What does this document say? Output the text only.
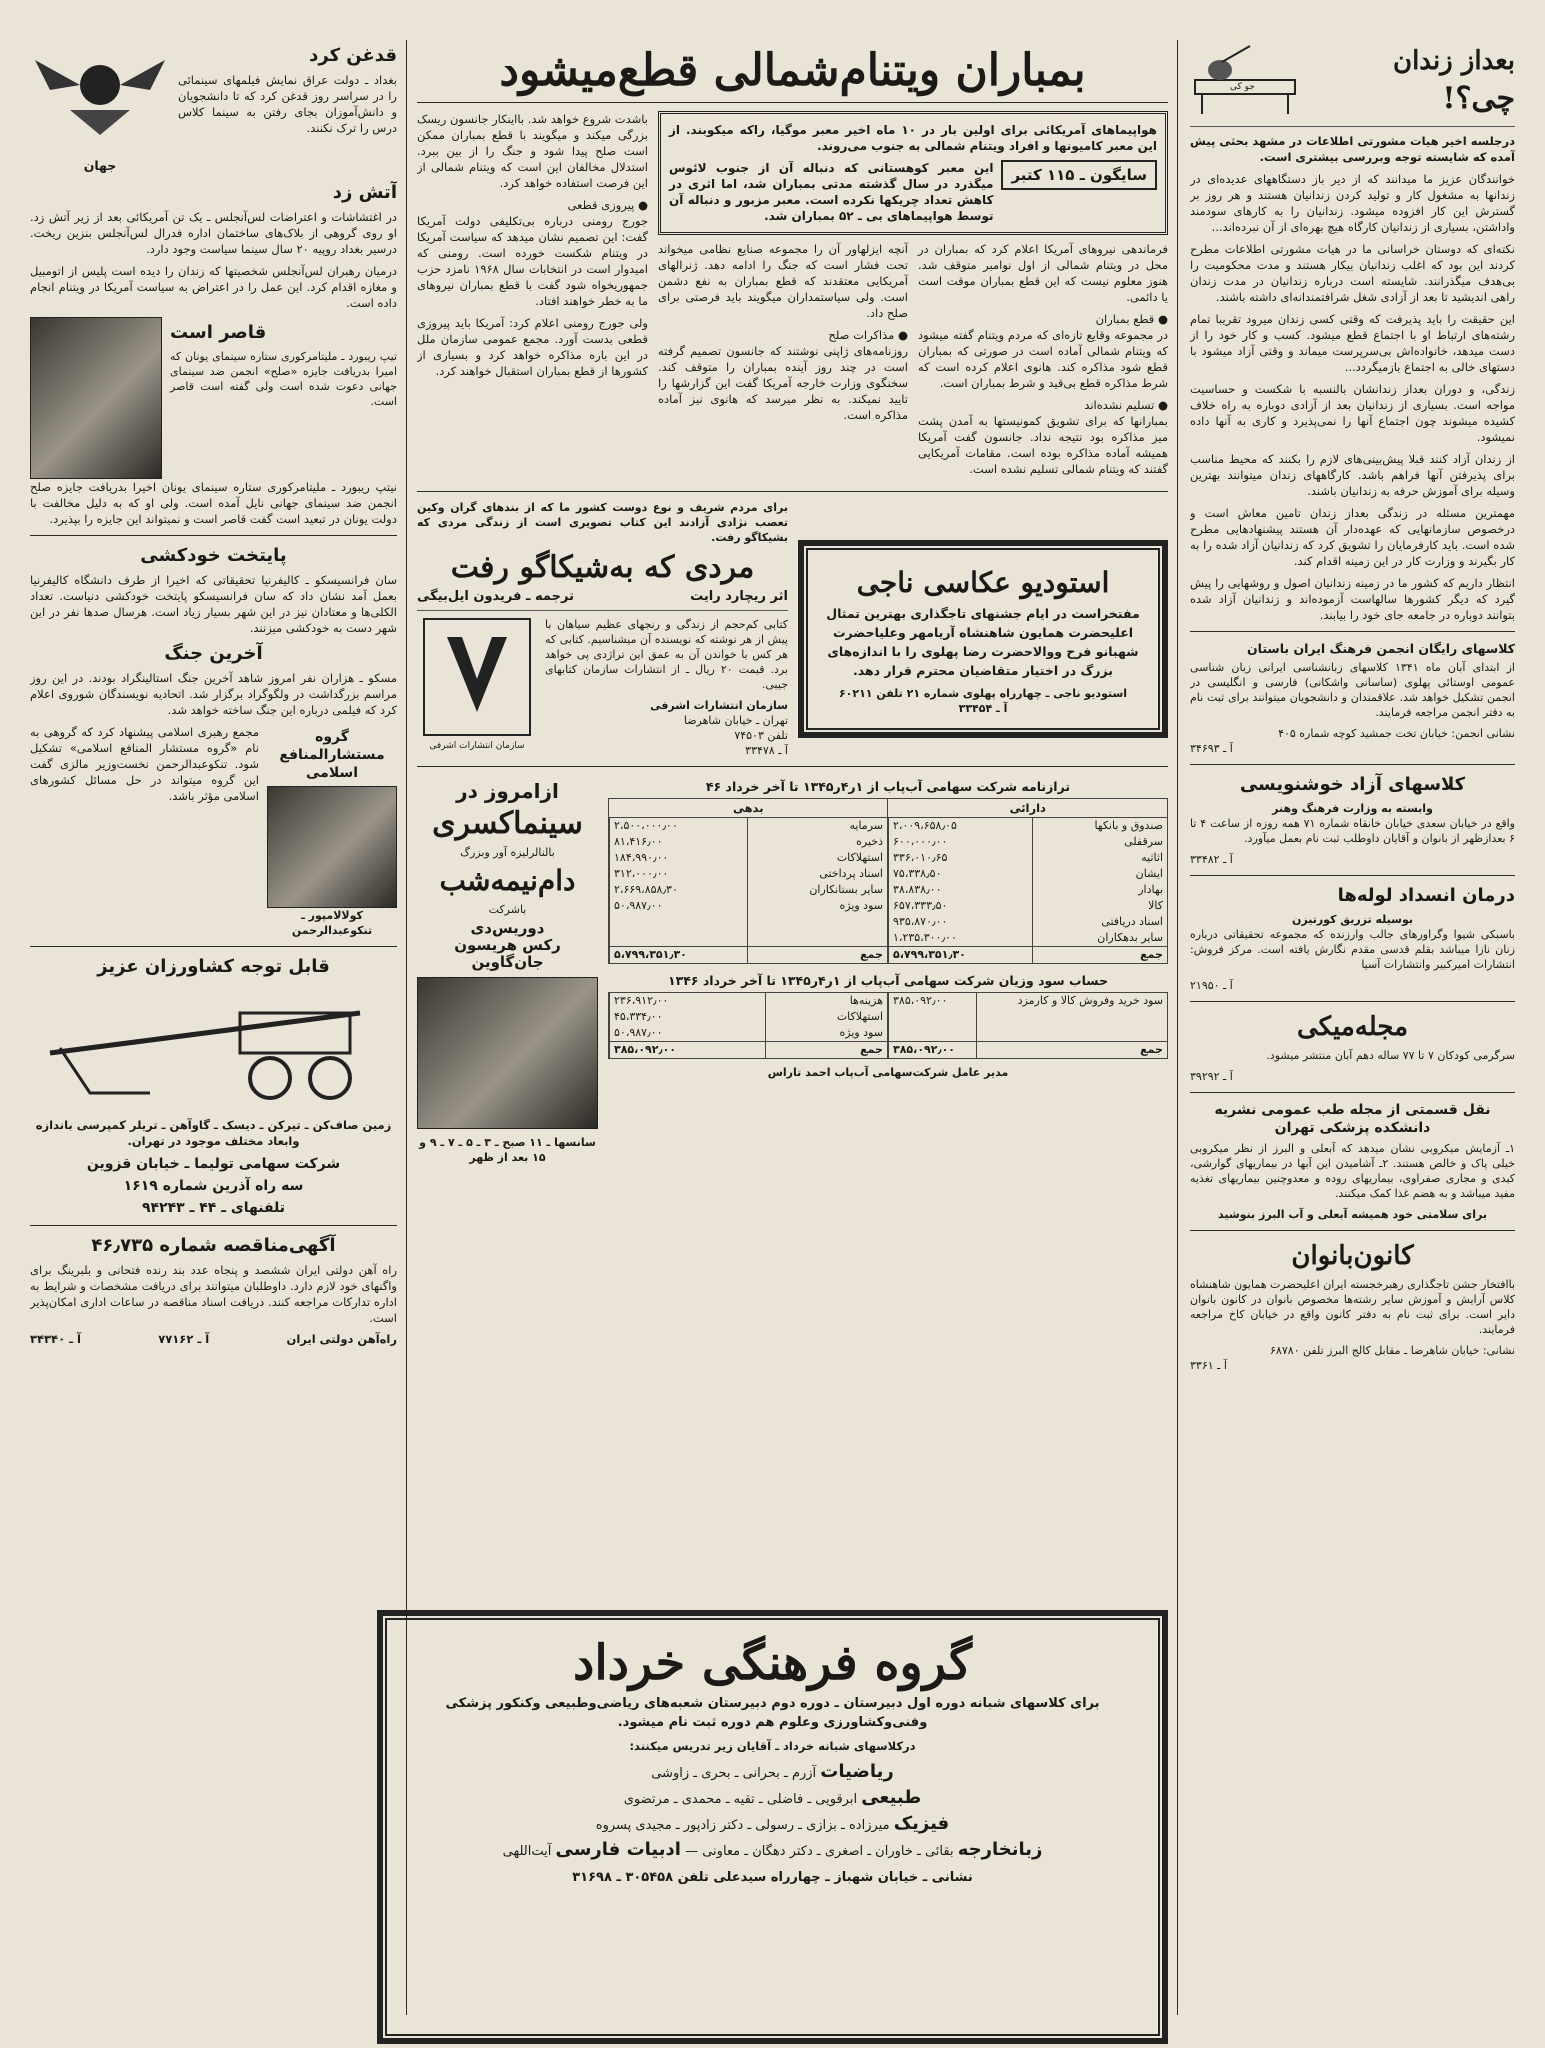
بعداز زندان
چی؟!
جو کی

درجلسه اخیر هیات مشورتی اطلاعات در مشهد بحثی پیش آمده که شایسته توجه وبررسی بیشتری است.

خوانندگان عزیز ما میدانند که از دیر باز دستگاههای عدیده‌ای در زندانها به مشغول کار و تولید کردن زندانیان هستند و هر روز بر گسترش این کار افزوده میشود. زندانیان را به کارهای سودمند واداشتن، بسیاری از زندانیان کارگاه هیچ بهره‌ای از آن نبرده‌اند...

نکته‌ای که دوستان خراسانی ما در هیات مشورتی اطلاعات مطرح کردند این بود که اغلب زندانیان بیکار هستند و مدت محکومیت را بی‌هدف میگذرانند. شایسته است درباره زندانیان در مدت زندان راهی اندیشید تا بعد از آزادی شغل شرافتمندانه‌ای داشته باشند.

این حقیقت را باید پذیرفت که وقتی کسی زندان میرود تقریبا تمام رشته‌های ارتباط او با اجتماع قطع میشود. کسب و کار خود را از دست میدهد، خانواده‌اش بی‌سرپرست میماند و وقتی آزاد میشود با دستهای خالی به اجتماع بازمیگردد...

زندگی، و دوران بعداز زندانشان بالنسبه با شکست و حساسیت مواجه است. بسیاری از زندانیان بعد از آزادی دوباره به راه خلاف کشیده میشوند چون اجتماع آنها را نمی‌پذیرد و کاری به آنها داده نمیشود.

از زندان آزاد کنند قبلا پیش‌بینی‌های لازم را بکنند که محیط مناسب برای پذیرفتن آنها فراهم باشد. کارگاههای زندان میتوانند بهترین وسیله برای آموزش حرفه به زندانیان باشند.

مهمترین مسئله در زندگی بعداز زندان تامین معاش است و درخصوص سازمانهایی که عهده‌دار آن هستند پیشنهادهایی مطرح شده است. باید کارفرمایان را تشویق کرد که زندانیان آزاد شده را به کار بگیرند و وزارت کار در این زمینه اقدام کند.

انتظار داریم که کشور ما در زمینه زندانیان اصول و روشهایی را پیش گیرد که دیگر کشورها سالهاست آزموده‌اند و زندانیان آزاد شده بتوانند دوباره در جامعه جای خود را بیابند.

کلاسهای رایگان انجمن فرهنگ ایران باستان

از ابتدای آبان ماه ۱۳۴۱ کلاسهای زبانشناسی ایرانی زبان شناسی عمومی اوستائی پهلوی (ساسانی واشکانی) فارسی و انگلیسی در انجمن تشکیل خواهد شد. علاقمندان و دانشجویان میتوانند برای ثبت نام به دفتر انجمن مراجعه فرمایند.

نشانی انجمن: خیابان تخت جمشید کوچه شماره ۴۰۵
آ ـ ۳۴۶۹۳
کلاسهای آزاد خوشنویسی
وابسته به وزارت فرهنگ وهنر

واقع در خیابان سعدی خیابان خانقاه شماره ۷۱ همه روزه از ساعت ۴ تا ۶ بعدازظهر از بانوان و آقایان داوطلب ثبت نام بعمل میآورد.

آ ـ ۳۳۴۸۲
درمان انسداد لوله‌ها
بوسیله تزریق کورتیزن

باسبکی شیوا وگراورهای جالب وارزنده که مجموعه تحقیقاتی درباره زنان نازا میباشد بقلم قدسی مقدم نگارش یافته است. مرکز فروش: انتشارات امیرکبیر وانتشارات آسیا

آ ـ ۲۱۹۵۰
مجله‌میکی

سرگرمی کودکان ۷ تا ۷۷ ساله دهم آبان منتشر میشود.

آ ـ ۳۹۲۹۲
نقل قسمتی از مجله طب عمومی نشریه دانشکده پزشکی تهران

۱ـ آزمایش میکروبی نشان میدهد که آبعلی و البرز از نظر میکروبی خیلی پاک و خالص هستند. ۲ـ آشامیدن این آبها در بیماریهای گوارشی، کبدی و مجاری صفراوی، بیماریهای روده و معدوچنین بیماریهای تغذیه مفید میباشد و به هضم غذا کمک میکنند.

برای سلامتی خود همیشه آبعلی و آب البرز بنوشید
کانون‌بانوان

باافتخار جشن تاجگذاری رهبرخجسته ایران اعلیحضرت همایون شاهنشاه کلاس آرایش و آموزش سایر رشته‌ها مخصوص بانوان در کانون بانوان دایر است. برای ثبت نام به دفتر کانون واقع در خیابان کاخ مراجعه فرمایند.

نشانی: خیابان شاهرضا ـ مقابل کالج البرز تلفن ۶۸۷۸۰
آ ـ ۳۳۶۱
بمباران ویتنام‌شمالی قطع‌میشود

هواپیماهای آمریکائی برای اولین بار در ۱۰ ماه اخیر معبر موگیا، راکه میکوبند. از این معبر کامیونها و افراد ویتنام شمالی به جنوب می‌روند.

سایگون ـ ۱۱۵ کتبر

این معبر کوهستانی که دنباله آن از جنوب لائوس میگذرد در سال گذشته مدتی بمباران شد، اما اثری در کاهش تعداد چریکها نکرده است. معبر مزبور و دنباله آن توسط هواپیماهای بی ـ ۵۲ بمباران شد.

فرماندهی نیروهای آمریکا اعلام کرد که بمباران در محل در ویتنام شمالی از اول نوامبر متوقف شد. هنوز معلوم نیست که این قطع بمباران موقت است یا دائمی.

● قطع بمباران
در مجموعه وقایع تازه‌ای که مردم ویتنام گفته میشود که ویتنام شمالی آماده است در صورتی که بمباران قطع شود مذاکره کند. هانوی اعلام کرده است که شرط مذاکره قطع بی‌قید و شرط بمباران است.

● تسلیم نشده‌اند
بمبارانها که برای تشویق کمونیستها به آمدن پشت میز مذاکره بود نتیجه نداد. جانسون گفت آمریکا همیشه آماده مذاکره بوده است. مقامات آمریکایی گفتند که ویتنام شمالی تسلیم نشده است.

آنچه ایزلهاور آن را مجموعه صنایع نظامی میخواند تحت فشار است که جنگ را ادامه دهد. ژنرالهای آمریکایی معتقدند که قطع بمباران به نفع دشمن است. ولی سیاستمداران میگویند باید فرصتی برای صلح داد.

● مذاکرات صلح
روزنامه‌های ژاپنی نوشتند که جانسون تصمیم گرفته است در چند روز آینده بمباران را متوقف کند. سخنگوی وزارت خارجه آمریکا گفت این گزارشها را تایید نمیکند. به نظر میرسد که هانوی نیز آماده مذاکره است.

باشدت شروع خواهد شد. بااینکار جانسون ریسک بزرگی میکند و میگویند با قطع بمباران ممکن است صلح پیدا شود و جنگ را از بین ببرد. استدلال مخالفان این است که ویتنام شمالی از این فرصت استفاده خواهد کرد.

● پیروزی قطعی
جورج رومنی درباره بی‌تکلیفی دولت آمریکا گفت: این تصمیم نشان میدهد که سیاست آمریکا در ویتنام شکست خورده است. رومنی که امیدوار است در انتخابات سال ۱۹۶۸ نامزد حزب جمهوریخواه شود گفت با قطع بمباران نیروهای ما به خطر خواهند افتاد.

ولی جورج رومنی اعلام کرد: آمریکا باید پیروزی قطعی بدست آورد. مجمع عمومی سازمان ملل در این باره مذاکره خواهد کرد و بسیاری از کشورها از قطع بمباران استقبال خواهند کرد.

استودیو عکاسی ناجی

مفتخراست در ایام جشنهای تاجگذاری بهترین تمثال اعلیحضرت همایون شاهنشاه آریامهر وعلیاحضرت شهبانو فرح ووالاحضرت رضا پهلوی را با اندازه‌های بزرگ در اختیار متقاضیان محترم قرار دهد.

استودیو ناجی ـ چهارراه پهلوی شماره ۲۱ تلفن ۶۰۲۱۱
آ ـ ۳۳۴۵۴

برای مردم شریف و نوع دوست کشور ما که از بندهای گران وکین تعصب نژادی آزادند این کتاب تصویری است از زندگی مردی که بشیکاگو رفت.

مردی که به‌شیکاگو رفت
اثر ریچارد رایت
ترجمه ـ فریدون ایل‌بیگی

کتابی کم‌حجم از زندگی و رنجهای عظیم سیاهان با پیش از هر نوشته که نویسنده آن میشناسیم. کتابی که هر کس با خواندن آن به عمق این تراژدی پی خواهد برد. قیمت ۲۰ ریال ـ از انتشارات سازمان کتابهای جیبی.

سازمان انتشارات اشرفی
تهران ـ خیابان شاهرضا
تلفن ۷۴۵۰۳
آ ـ ۳۳۴۷۸
سازمان انتشارات اشرفی
ترازنامه شرکت سهامی آب‌پاب از ۱ر۴ر۱۳۴۵ تا آخر خرداد ۴۶
دارائی	
صندوق و بانکها	۲،۰۰۹،۶۵۸٫۰۵
سرقفلی	۶۰۰،۰۰۰٫۰۰
اثاثیه	۳۳۶،۰۱۰٫۶۵
ایشان	۷۵،۳۳۸٫۵۰
بهادار	۳۸،۸۳۸٫۰۰
کالا	۶۵۷،۳۳۳٫۵۰
اسناد دریافتی	۹۳۵،۸۷۰٫۰۰
سایر بدهکاران	۱،۲۳۵،۳۰۰٫۰۰
جمع	۵،۷۹۹،۳۵۱٫۳۰
بدهی	
سرمایه	۲،۵۰۰،۰۰۰٫۰۰
ذخیره	۸۱،۴۱۶٫۰۰
استهلاکات	۱۸۴،۹۹۰٫۰۰
اسناد پرداختی	۳۱۲،۰۰۰٫۰۰
سایر بستانکاران	۲،۶۶۹،۸۵۸٫۳۰
سود ویژه	۵۰،۹۸۷٫۰۰

جمع	۵،۷۹۹،۳۵۱٫۳۰
حساب سود وزیان شرکت سهامی آب‌پاب از ۱ر۴ر۱۳۴۵ تا آخر خرداد ۱۳۴۶
سود خرید وفروش کالا و کارمزد	۳۸۵،۰۹۲٫۰۰

جمع	۳۸۵،۰۹۲٫۰۰
هزینه‌ها	۲۳۶،۹۱۲٫۰۰
استهلاکات	۴۵،۳۳۴٫۰۰
سود ویژه	۵۰،۹۸۷٫۰۰
جمع	۳۸۵،۰۹۲٫۰۰
مدیر عامل شرکت‌سهامی آب‌پاب احمد تاراس
ازامروز در
سینماکسری
بالنالرلیزه آور وبزرگ
دام‌نیمه‌شب
باشرکت
دوریس‌دی
رکس هریسون
جان‌گاوین
سانسها ـ ۱۱ صبح ـ ۳ ـ ۵ ـ ۷ ـ ۹ و ۱۵ بعد از ظهر
قدغن کرد

بغداد ـ دولت عراق نمایش فیلمهای سینمائی را در سراسر روز قدغن کرد که تا دانشجویان و دانش‌آموزان بجای رفتن به سینما کلاس درس را ترک نکنند.

جهان
آتش زد

در اغتشاشات و اعتراضات لس‌آنجلس ـ یک تن آمریکائی بعد از زیر آتش زد. او روی گروهی از بلاک‌های ساختمان اداره فدرال لس‌آنجلس بنزین ریخت. درسیر بغداد روپیه ۲۰ سال سینما سیاست وجود دارد.

درمیان رهبران لس‌آنجلس شخصیتها که زندان را دیده است پلیس از اتومبیل و مغازه اقدام کرد. این عمل را در اعتراض به سیاست آمریکا در ویتنام انجام داده است.

قاصر است

تیپ ریبورد ـ ملیتامرکوری ستاره سینمای یونان که امیرا بدریافت جایزه «صلح» انجمن ضد سینمای جهانی دعوت شده است ولی گفته است قاصر است.

نیتپ ریبورد ـ ملیتامرکوری ستاره سینمای یونان اخیرا بدریافت جایزه صلح انجمن ضد سینمای جهانی نایل آمده است. ولی او که به دلیل مخالفت با دولت یونان در تبعید است گفت قاصر است و نمیتواند این جایزه را بپذیرد.

پایتخت خودکشی

سان فرانسیسکو ـ کالیفرنیا تحقیقاتی که اخیرا از طرف دانشگاه کالیفرنیا بعمل آمد نشان داد که سان فرانسیسکو پایتخت خودکشی دنیاست. تعداد الکلی‌ها و معتادان نیز در این شهر بسیار زیاد است. هرسال صدها نفر در این شهر دست به خودکشی میزنند.

آخرین جنگ

مسکو ـ هزاران نفر امروز شاهد آخرین جنگ استالینگراد بودند. در این روز مراسم بزرگداشت در ولگوگراد برگزار شد. اتحادیه نویسندگان شوروی اعلام کرد که فیلمی درباره این جنگ ساخته خواهد شد.

گروه مستشارالمنافع اسلامی
کولالامپور ـ تنکوعبدالرحمن

مجمع رهبری اسلامی پیشنهاد کرد که گروهی به نام «گروه مستشار المنافع اسلامی» تشکیل شود. تنکوعبدالرحمن نخست‌وزیر مالزی گفت این گروه میتواند در حل مسائل کشورهای اسلامی مؤثر باشد.

قابل توجه کشاورزان عزیز

زمین صاف‌کن ـ تیرکن ـ دیسک ـ گاوآهن ـ تریلر کمپرسی باندازه وابعاد مختلف موجود در تهران.

شرکت سهامی تولیما ـ خیابان قزوین
سه راه آذرین شماره ۱۶۱۹
تلفنهای ـ ۴۴ ـ ۹۴۲۴۳
آگهی‌مناقصه شماره ۴۶٫۷۳۵

راه آهن دولتی ایران ششصد و پنجاه عدد بند رنده فتحانی و بلبرینگ برای واگنهای خود لازم دارد. داوطلبان میتوانند برای دریافت مشخصات و شرایط به اداره تدارکات مراجعه کنند. دریافت اسناد مناقصه در ساعات اداری امکان‌پذیر است.

راه‌آهن دولتی ایران
آ ـ ۷۷۱۶۲
آ ـ ۳۴۳۴۰
گروه فرهنگی خرداد

برای کلاسهای شبانه دوره اول دبیرستان ـ دوره دوم دبیرستان شعبه‌های ریاضی‌وطبیعی وکنکور پزشکی وفنی‌وکشاورزی وعلوم هم دوره ثبت نام میشود.

درکلاسهای شبانه خرداد ـ آقایان زیر تدریس میکنند:
ریاضیات آزرم ـ بحرانی ـ بحری ـ زاوشی
طبیعی ابرقویی ـ فاضلی ـ تقیه ـ محمدی ـ مرتضوی
فیزیک میرزاده ـ بزازی ـ رسولی ـ دکتر زادپور ـ مجیدی پسروه
زبانخارجه بقائی ـ خاوران ـ اصغری ـ دکتر دهگان ـ معاونی — ادبیات فارسی آیت‌اللهی
نشانی ـ خیابان شهباز ـ چهارراه سیدعلی تلفن ۳۰۵۴۵۸ ـ ۳۱۶۹۸
